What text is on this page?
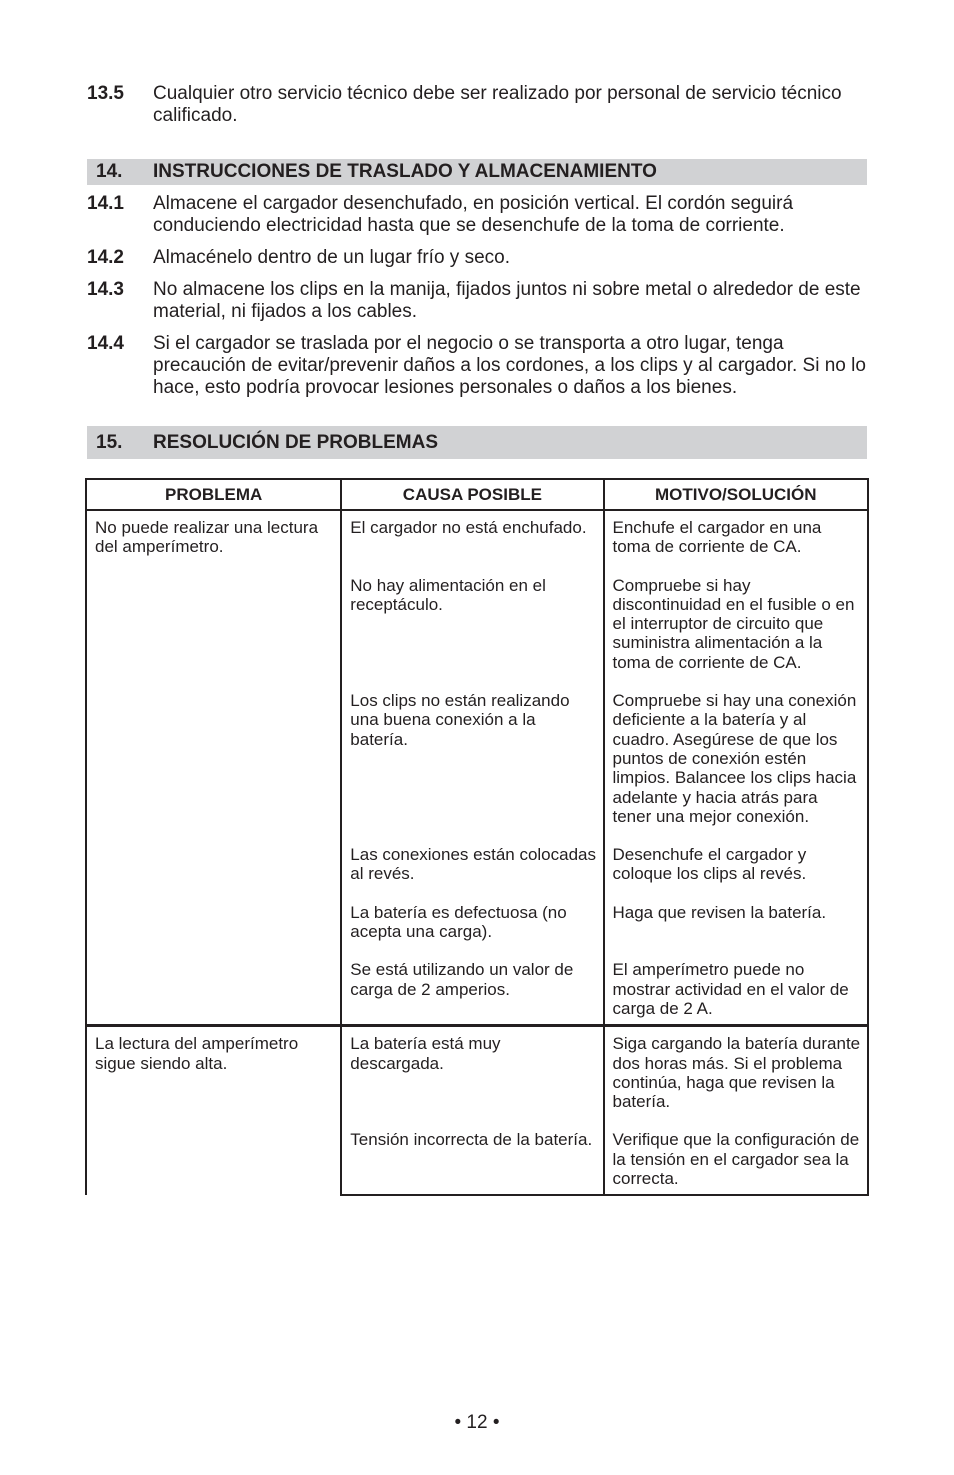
13.5 Cualquier otro servicio técnico debe ser realizado por personal de servicio técnico calificado.
14. INSTRUCCIONES DE TRASLADO Y ALMACENAMIENTO
14.1 Almacene el cargador desenchufado, en posición vertical. El cordón seguirá conduciendo electricidad hasta que se desenchufe de la toma de corriente.
14.2 Almacénelo dentro de un lugar frío y seco.
14.3 No almacene los clips en la manija, fijados juntos ni sobre metal o alrededor de este material, ni fijados a los cables.
14.4 Si el cargador se traslada por el negocio o se transporta a otro lugar, tenga precaución de evitar/prevenir daños a los cordones, a los clips y al cargador. Si no lo hace, esto podría provocar lesiones personales o daños a los bienes.
15. RESOLUCIÓN DE PROBLEMAS
PROBLEMA	CAUSA POSIBLE	MOTIVO/SOLUCIÓN
No puede realizar una lectura del amperímetro.	El cargador no está enchufado.	Enchufe el cargador en una toma de corriente de CA.
	No hay alimentación en el receptáculo.	Compruebe si hay discontinuidad en el fusible o en el interruptor de circuito que suministra alimentación a la toma de corriente de CA.
	Los clips no están realizando una buena conexión a la batería.	Compruebe si hay una conexión deficiente a la batería y al cuadro. Asegúrese de que los puntos de conexión estén limpios. Balancee los clips hacia adelante y hacia atrás para tener una mejor conexión.
	Las conexiones están colocadas al revés.	Desenchufe el cargador y coloque los clips al revés.
	La batería es defectuosa (no acepta una carga).	Haga que revisen la batería.
	Se está utilizando un valor de carga de 2 amperios.	El amperímetro puede no mostrar actividad en el valor de carga de 2 A.
La lectura del amperímetro sigue siendo alta.	La batería está muy descargada.	Siga cargando la batería durante dos horas más. Si el problema continúa, haga que revisen la batería.
	Tensión incorrecta de la batería.	Verifique que la configuración de la tensión en el cargador sea la correcta.
• 12 •
